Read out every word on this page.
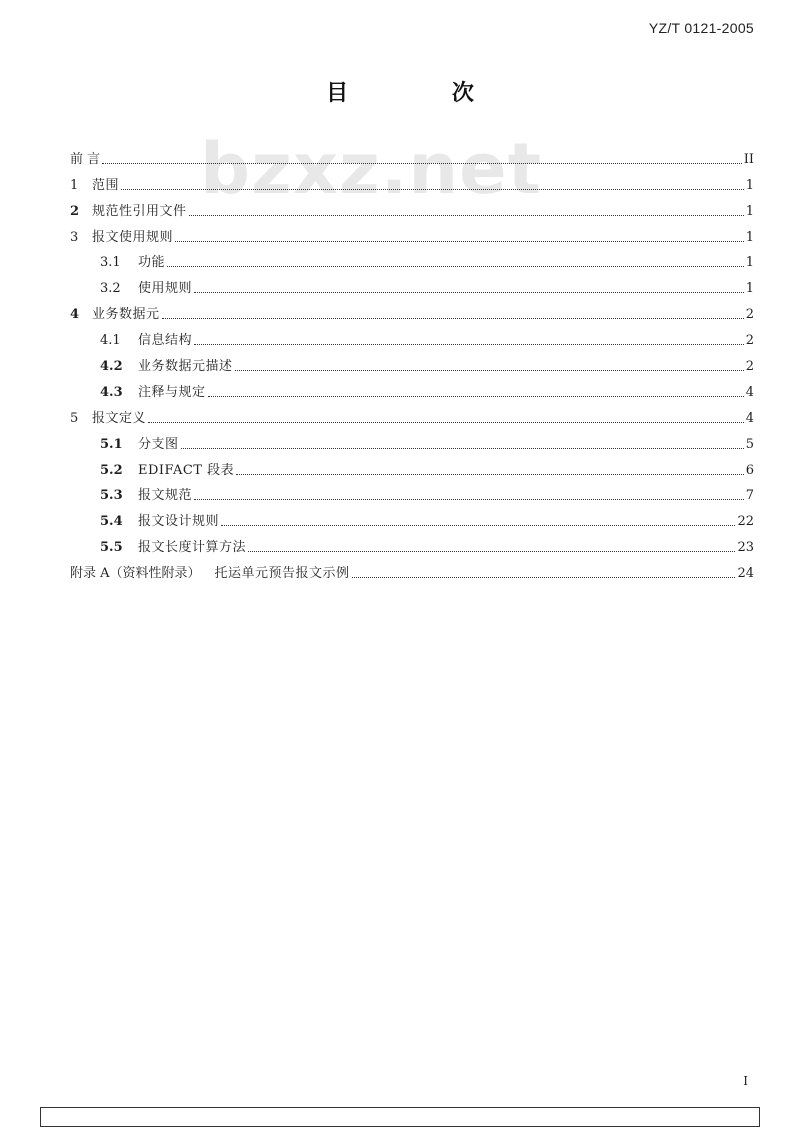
YZ/T 0121-2005
目 次
bzxz.net
前 言	II
1	范围	1
2 规范性引用文件	1
3	报文使用规则	1
3.1	功能	1
3.2	使用规则	1
4 业务数据元	2
4.1	信息结构	2
4.2	业务数据元描述	2
4.3	注释与规定	4
5	报文定义	4
5.1	分支图	5
5.2	EDIFACT 段表	6
5.3	报文规范	7
5.4	报文设计规则	22
5.5	报文长度计算方法	23
附录 A（资料性附录） 托运单元预告报文示例	24
I
